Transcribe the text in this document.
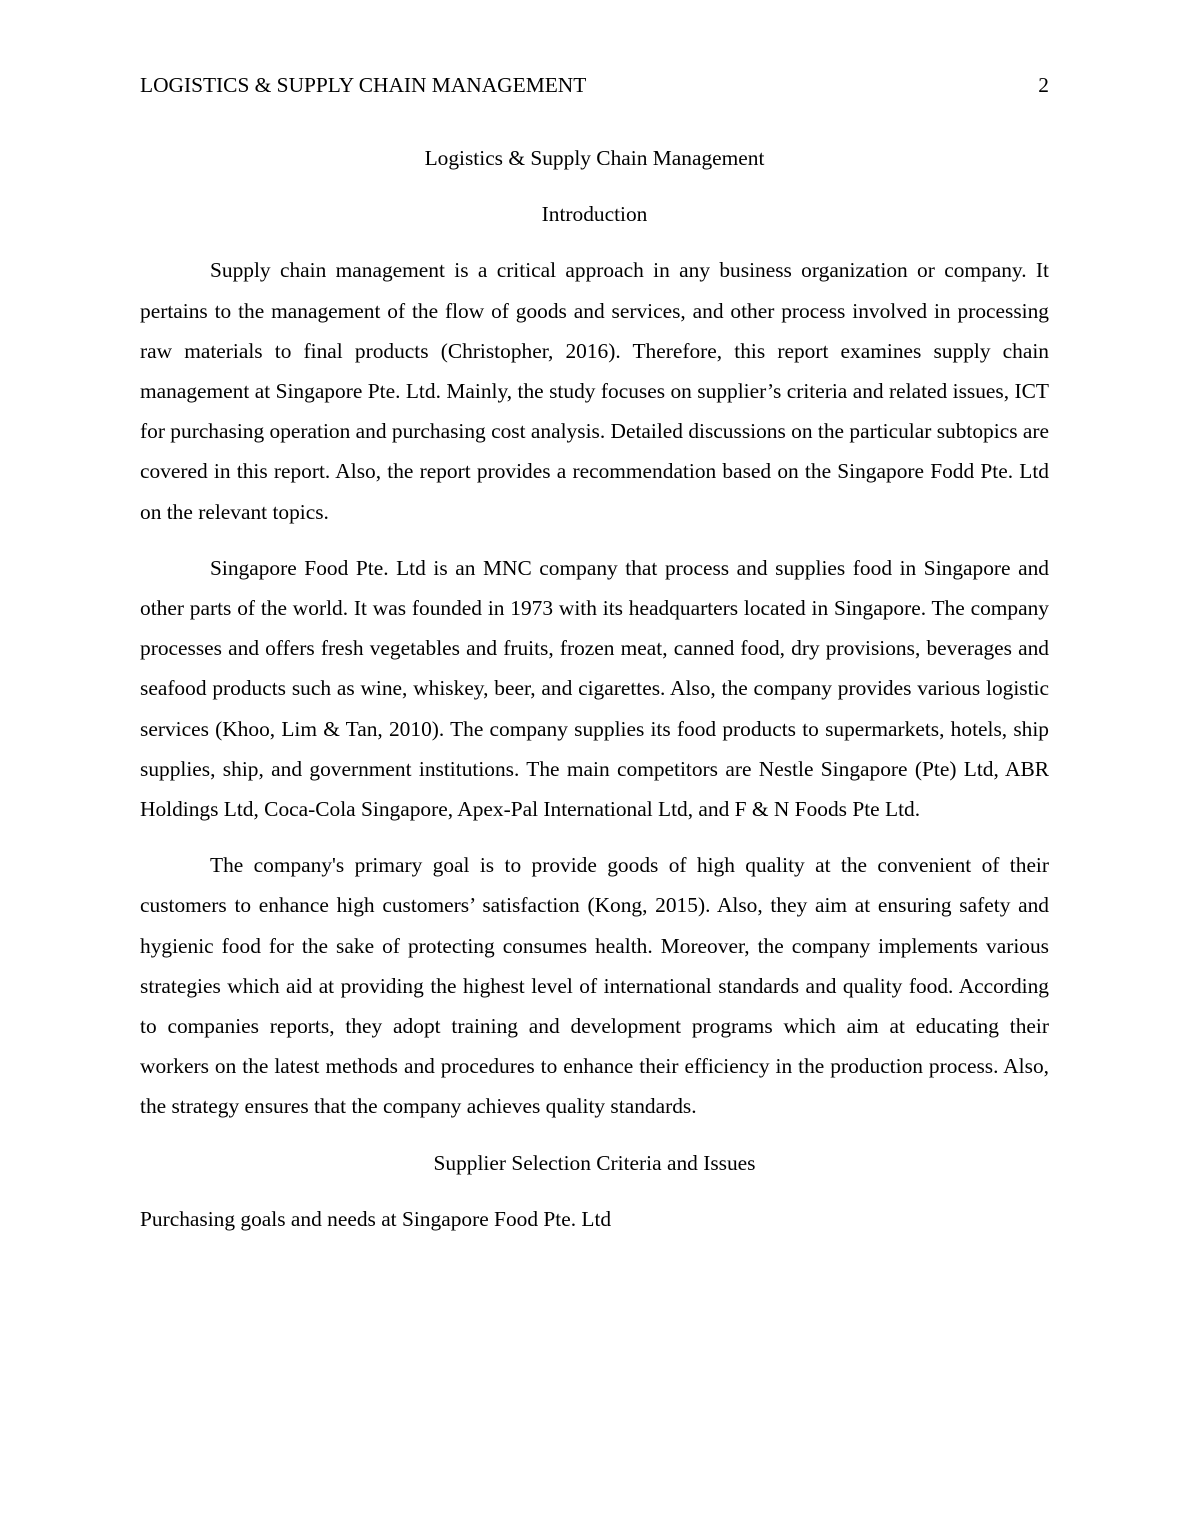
LOGISTICS & SUPPLY CHAIN MANAGEMENT	2
Logistics & Supply Chain Management
Introduction

Supply chain management is a critical approach in any business organization or company. It pertains to the management of the flow of goods and services, and other process involved in processing raw materials to final products (Christopher, 2016). Therefore, this report examines supply chain management at Singapore Pte. Ltd. Mainly, the study focuses on supplier’s criteria and related issues, ICT for purchasing operation and purchasing cost analysis. Detailed discussions on the particular subtopics are covered in this report. Also, the report provides a recommendation based on the Singapore Fodd Pte. Ltd on the relevant topics.

Singapore Food Pte. Ltd is an MNC company that process and supplies food in Singapore and other parts of the world. It was founded in 1973 with its headquarters located in Singapore. The company processes and offers fresh vegetables and fruits, frozen meat, canned food, dry provisions, beverages and seafood products such as wine, whiskey, beer, and cigarettes. Also, the company provides various logistic services (Khoo, Lim & Tan, 2010). The company supplies its food products to supermarkets, hotels, ship supplies, ship, and government institutions. The main competitors are Nestle Singapore (Pte) Ltd, ABR Holdings Ltd, Coca-Cola Singapore, Apex-Pal International Ltd, and F & N Foods Pte Ltd.

The company's primary goal is to provide goods of high quality at the convenient of their customers to enhance high customers’ satisfaction (Kong, 2015). Also, they aim at ensuring safety and hygienic food for the sake of protecting consumes health. Moreover, the company implements various strategies which aid at providing the highest level of international standards and quality food. According to companies reports, they adopt training and development programs which aim at educating their workers on the latest methods and procedures to enhance their efficiency in the production process. Also, the strategy ensures that the company achieves quality standards.

Supplier Selection Criteria and Issues
Purchasing goals and needs at Singapore Food Pte. Ltd
